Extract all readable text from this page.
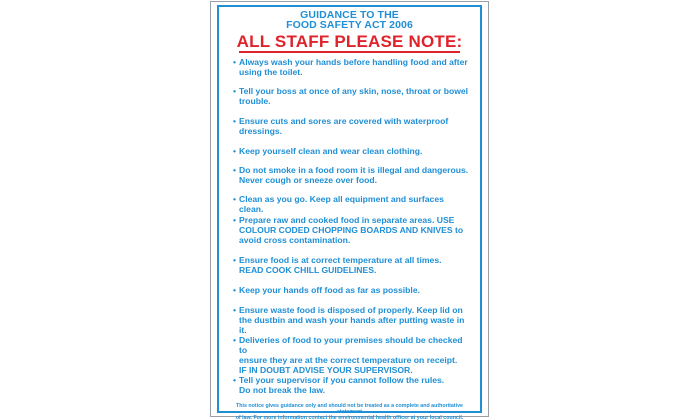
GUIDANCE TO THE
FOOD SAFETY ACT 2006
ALL STAFF PLEASE NOTE:
• Always wash your hands before handling food and after
using the toilet.
• Tell your boss at once of any skin, nose, throat or bowel
trouble.
• Ensure cuts and sores are covered with waterproof
dressings.
• Keep yourself clean and wear clean clothing.
• Do not smoke in a food room it is illegal and dangerous.
Never cough or sneeze over food.
• Clean as you go. Keep all equipment and surfaces clean.
• Prepare raw and cooked food in separate areas. USE
COLOUR CODED CHOPPING BOARDS AND KNIVES to
avoid cross contamination.
• Ensure food is at correct temperature at all times.
READ COOK CHILL GUIDELINES.
• Keep your hands off food as far as possible.
• Ensure waste food is disposed of properly. Keep lid on
the dustbin and wash your hands after putting waste in it.
• Deliveries of food to your premises should be checked to
ensure they are at the correct temperature on receipt.
IF IN DOUBT ADVISE YOUR SUPERVISOR.
• Tell your supervisor if you cannot follow the rules.
Do not break the law.
This notice gives guidance only and should not be treated as a complete and authoritative statement
of law. For more information contact the environmental health officer at your local council.
